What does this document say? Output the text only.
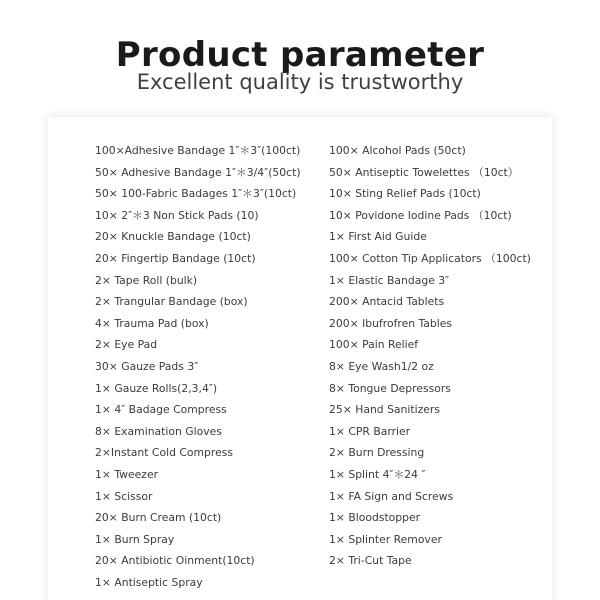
Product parameter
Excellent quality is trustworthy
100×Adhesive Bandage 1″＊3″(100ct)
50× Adhesive Bandage 1″＊3/4″(50ct)
50× 100-Fabric Badages 1″＊3″(10ct)
10× 2″＊3 Non Stick Pads (10)
20× Knuckle Bandage (10ct)
20× Fingertip Bandage (10ct)
2× Tape Roll (bulk)
2× Trangular Bandage (box)
4× Trauma Pad (box)
2× Eye Pad
30× Gauze Pads 3″
1× Gauze Rolls(2,3,4″)
1× 4″ Badage Compress
8× Examination Gloves
2×Instant Cold Compress
1× Tweezer
1× Scissor
20× Burn Cream (10ct)
1× Burn Spray
20× Antibiotic Oinment(10ct)
1× Antiseptic Spray
100× Alcohol Pads (50ct)
50× Antiseptic Towelettes （10ct）
10× Sting Relief Pads (10ct)
10× Povidone Iodine Pads （10ct)
1× First Aid Guide
100× Cotton Tip Applicators （100ct)
1× Elastic Bandage 3″
200× Antacid Tablets
200× Ibufrofren Tables
100× Pain Relief
8× Eye Wash1/2 oz
8× Tongue Depressors
25× Hand Sanitizers
1× CPR Barrier
2× Burn Dressing
1× Splint 4″＊24 ″
1× FA Sign and Screws
1× Bloodstopper
1× Splinter Remover
2× Tri-Cut Tape
